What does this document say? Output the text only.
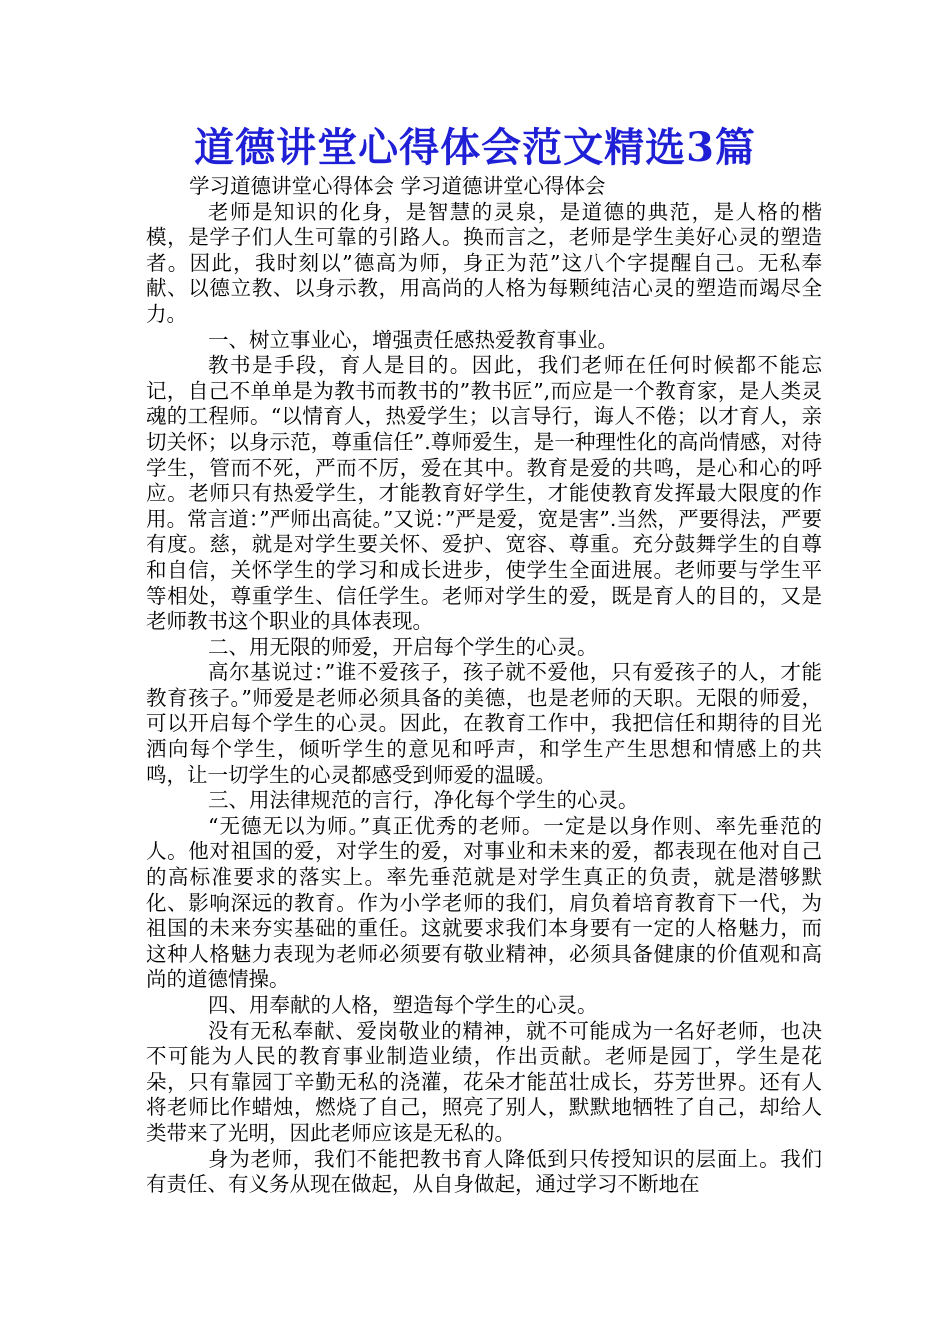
道德讲堂心得体会范文精选3篇

学习道德讲堂心得体会 学习道德讲堂心得体会

老师是知识的化身，是智慧的灵泉，是道德的典范，是人格的楷模，是学子们人生可靠的引路人。换而言之，老师是学生美好心灵的塑造者。因此，我时刻以”德高为师，身正为范”这八个字提醒自己。无私奉献、以德立教、以身示教，用高尚的人格为每颗纯洁心灵的塑造而竭尽全力。

一、树立事业心，增强责任感热爱教育事业。

教书是手段，育人是目的。因此，我们老师在任何时候都不能忘记，自己不单单是为教书而教书的”教书匠”,而应是一个教育家，是人类灵魂的工程师。“以情育人，热爱学生；以言导行，诲人不倦；以才育人，亲切关怀；以身示范，尊重信任”.尊师爱生，是一种理性化的高尚情感，对待学生，管而不死，严而不厉，爱在其中。教育是爱的共鸣，是心和心的呼应。老师只有热爱学生，才能教育好学生，才能使教育发挥最大限度的作用。常言道：”严师出高徒。”又说：”严是爱，宽是害”.当然，严要得法，严要有度。慈，就是对学生要关怀、爱护、宽容、尊重。充分鼓舞学生的自尊和自信，关怀学生的学习和成长进步，使学生全面进展。老师要与学生平等相处，尊重学生、信任学生。老师对学生的爱，既是育人的目的，又是老师教书这个职业的具体表现。

二、用无限的师爱，开启每个学生的心灵。

高尔基说过：”谁不爱孩子，孩子就不爱他，只有爱孩子的人，才能教育孩子。”师爱是老师必须具备的美德，也是老师的天职。无限的师爱，可以开启每个学生的心灵。因此，在教育工作中，我把信任和期待的目光洒向每个学生，倾听学生的意见和呼声，和学生产生思想和情感上的共鸣，让一切学生的心灵都感受到师爱的温暖。

三、用法律规范的言行，净化每个学生的心灵。

“无德无以为师。”真正优秀的老师。一定是以身作则、率先垂范的人。他对祖国的爱，对学生的爱，对事业和未来的爱，都表现在他对自己的高标准要求的落实上。率先垂范就是对学生真正的负责，就是潜够默化、影响深远的教育。作为小学老师的我们，肩负着培育教育下一代，为祖国的未来夯实基础的重任。这就要求我们本身要有一定的人格魅力，而这种人格魅力表现为老师必须要有敬业精神，必须具备健康的价值观和高尚的道德情操。

四、用奉献的人格，塑造每个学生的心灵。

没有无私奉献、爱岗敬业的精神，就不可能成为一名好老师，也决不可能为人民的教育事业制造业绩，作出贡献。老师是园丁，学生是花朵，只有靠园丁辛勤无私的浇灌，花朵才能茁壮成长，芬芳世界。还有人将老师比作蜡烛，燃烧了自己，照亮了别人，默默地牺牲了自己，却给人类带来了光明，因此老师应该是无私的。

身为老师，我们不能把教书育人降低到只传授知识的层面上。我们有责任、有义务从现在做起，从自身做起，通过学习不断地在
